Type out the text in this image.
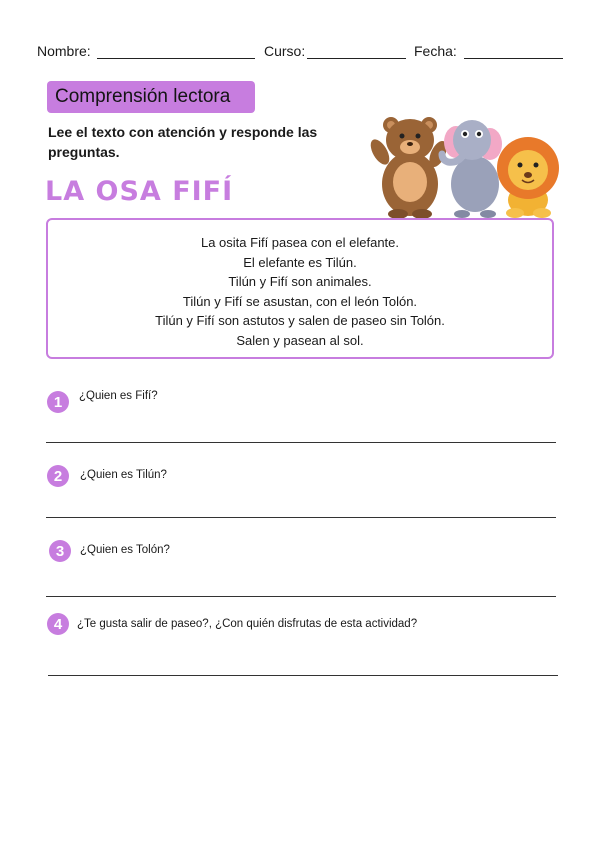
Nombre:	Curso:	Fecha:
Comprensión lectora
Lee el texto con atención y responde las preguntas.
LA OSA FIFÍ
La osita Fifí pasea con el elefante.
El elefante es Tilún.
Tilún y Fifí son animales.
Tilún y Fifí se asustan, con el león Tolón.
Tilún y Fifí son astutos y salen de paseo sin Tolón.
Salen y pasean al sol.
1	¿Quien es Fifí?
2	¿Quien es Tilún?
3	¿Quien es Tolón?
4	¿Te gusta salir de paseo?, ¿Con quién disfrutas de esta actividad?
